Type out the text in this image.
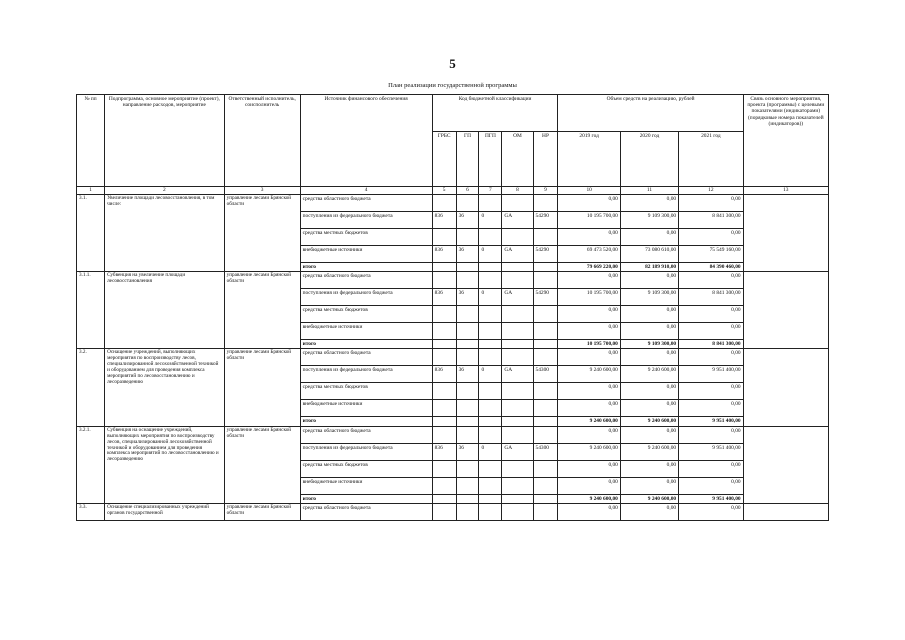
5
План реализации государственной программы
№ пп	Подпрограмма, основное мероприятие (проект), направление расходов, мероприятие	Ответственный исполнитель, соисполнитель	Источник финансового обеспечения	Код бюджетной классификации					Объем средств на реализацию, рублей			Связь основного мероприятия, проекта (программы) с целевыми показателями (индикаторами) (порядковые номера показателей (индикаторов))
				ГРБС	ГП	ПГП	ОМ	НР	2019 год	2020 год	2021 год	
1	2	3	4	5	6	7	8	9	10	11	12	13
3.1.	Увеличение площади лесовосстановления, в том числе:	управление лесами Брянской области	средства областного бюджета						0,00	0,00	0,00	
			поступления из федерального бюджета	836	36	0	GA	54290	10 195 700,00	9 109 300,00	8 841 300,00	
			средства местных бюджетов						0,00	0,00	0,00	
			внебюджетные источники	836	36	0	GA	54290	69 473 520,00	73 080 610,00	75 549 160,00	
			итого						79 669 220,00	82 189 910,00	84 390 460,00	
3.1.1.	Субвенция на увеличение площади лесовосстановления	управление лесами Брянской области	средства областного бюджета						0,00	0,00	0,00	
			поступления из федерального бюджета	836	36	0	GA	54290	10 195 700,00	9 109 300,00	8 841 300,00	
			средства местных бюджетов						0,00	0,00	0,00	
			внебюджетные источники						0,00	0,00	0,00	
			итого						10 195 700,00	9 109 300,00	8 841 300,00	
3.2.	Оснащение учреждений, выполняющих мероприятия по воспроизводству лесов, специализированной лесохозяйственной техникой и оборудованием для проведения комплекса мероприятий по лесовосстановлению и лесоразведению	управление лесами Брянской области	средства областного бюджета						0,00	0,00	0,00	
			поступления из федерального бюджета	836	36	0	GA	54300	9 240 600,00	9 240 600,00	9 951 400,00	
			средства местных бюджетов						0,00	0,00	0,00	
			внебюджетные источники						0,00	0,00	0,00	
			итого						9 240 600,00	9 240 600,00	9 951 400,00	
3.2.1.	Субвенция на оснащение учреждений, выполняющих мероприятия по воспроизводству лесов, специализированной лесохозяйственной техникой и оборудованием для проведения комплекса мероприятий по лесовосстановлению и лесоразведению	управление лесами Брянской области	средства областного бюджета						0,00	0,00	0,00	
			поступления из федерального бюджета	836	36	0	GA	54300	9 240 600,00	9 240 600,00	9 951 400,00	
			средства местных бюджетов						0,00	0,00	0,00	
			внебюджетные источники						0,00	0,00	0,00	
			итого						9 240 600,00	9 240 600,00	9 951 400,00	
3.3.	Оснащение специализированных учреждений органов государственной	управление лесами Брянской области	средства областного бюджета						0,00	0,00	0,00	
